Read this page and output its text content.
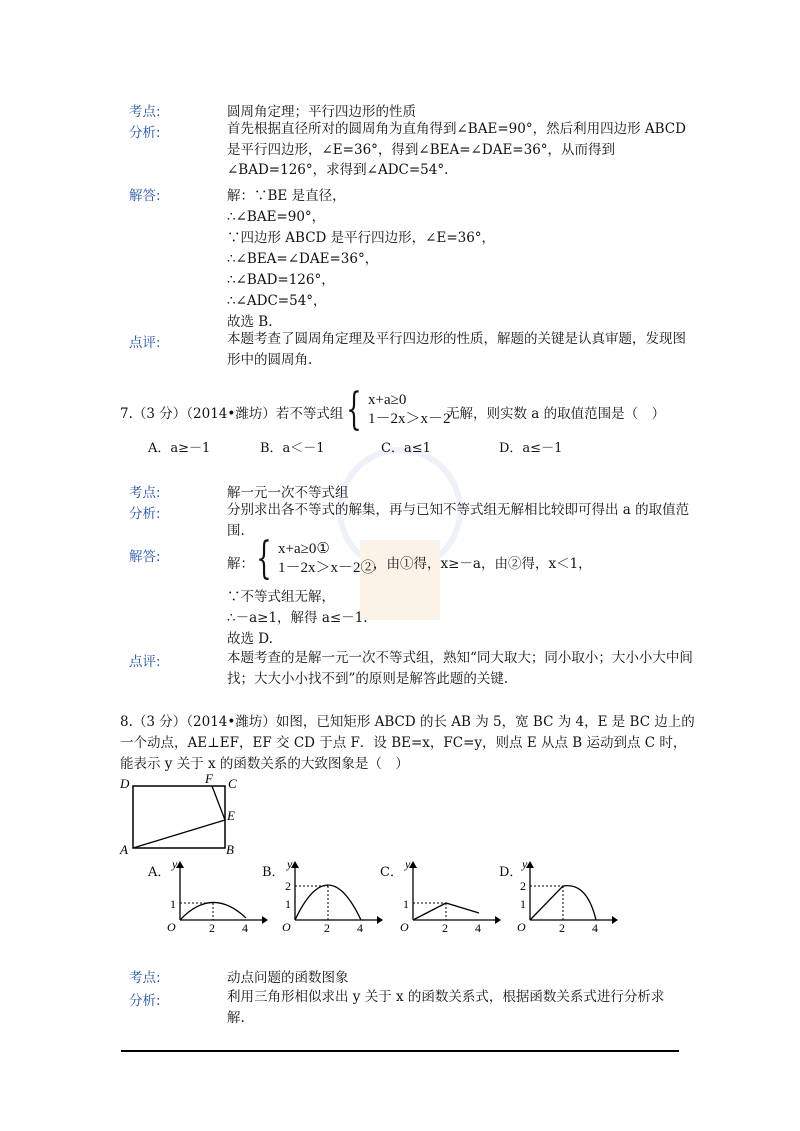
考点:	圆周角定理；平行四边形的性质
分析:	首先根据直径所对的圆周角为直角得到∠BAE=90°，然后利用四边形 ABCD 是平行四边形，∠E=36°，得到∠BEA=∠DAE=36°，从而得到∠BAD=126°，求得到∠ADC=54°.
解答:	解：∵BE 是直径，
∴∠BAE=90°，
∵四边形 ABCD 是平行四边形，∠E=36°，
∴∠BEA=∠DAE=36°，
∴∠BAD=126°，
∴∠ADC=54°，
故选 B.
点评:	本题考查了圆周角定理及平行四边形的性质，解题的关键是认真审题，发现图形中的圆周角.
7.（3 分）（2014•潍坊）若不等式组 { x+a≥0
1－2x＞x－2
无解，则实数 a 的取值范围是（　）
A．a≥－1	B．a＜－1	C．a≤1	D．a≤－1
考点:	解一元一次不等式组
分析:	分别求出各不等式的解集，再与已知不等式组无解相比较即可得出 a 的取值范围.
解答:	解： { x+a≥0①
1－2x＞x－2②
，由①得，x≥－a，由②得，x＜1，
∵不等式组无解，
∴－a≥1，解得 a≤－1.
故选 D.
点评:	本题考查的是解一元一次不等式组，熟知“同大取大；同小取小；大小小大中间找；大大小小找不到”的原则是解答此题的关键.
8.（3 分）（2014•潍坊）如图，已知矩形 ABCD 的长 AB 为 5，宽 BC 为 4，E 是 BC 边上的一个动点，AE⊥EF，EF 交 CD 于点 F．设 BE=x，FC=y，则点 E 从点 B 运动到点 C 时，能表示 y 关于 x 的函数关系的大致图象是（　）
D	F C
E
A	B
A．	B．	C．	D．
y
O
1
2 4
y
O
2
1
2 4
y
O
1
2 4
y
O
2
1
2 4
考点:	动点问题的函数图象
分析:	利用三角形相似求出 y 关于 x 的函数关系式，根据函数关系式进行分析求解.
